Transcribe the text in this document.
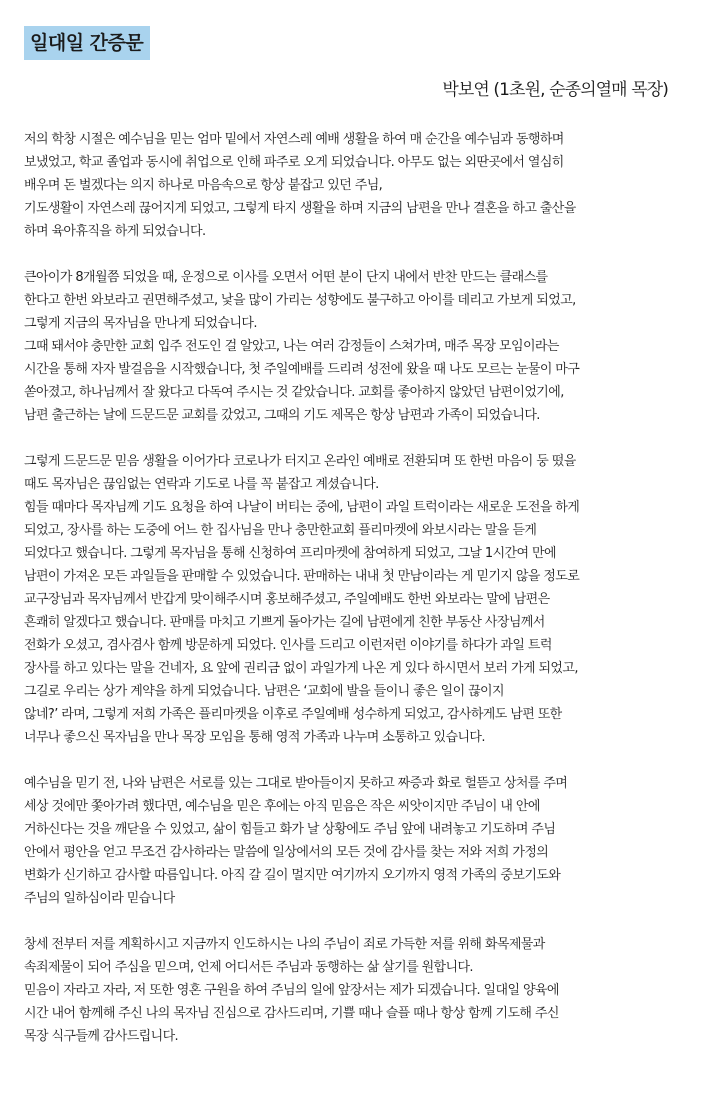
일대일 간증문

박보연 (1초원, 순종의열매 목장)

저의 학창 시절은 예수님을 믿는 엄마 밑에서 자연스레 예배 생활을 하여 매 순간을 예수님과 동행하며
보냈었고, 학교 졸업과 동시에 취업으로 인해 파주로 오게 되었습니다. 아무도 없는 외딴곳에서 열심히
배우며 돈 벌겠다는 의지 하나로 마음속으로 항상 붙잡고 있던 주님,
기도생활이 자연스레 끊어지게 되었고, 그렇게 타지 생활을 하며 지금의 남편을 만나 결혼을 하고 출산을
하며 육아휴직을 하게 되었습니다.
큰아이가 8개월쯤 되었을 때, 운정으로 이사를 오면서 어떤 분이 단지 내에서 반찬 만드는 클래스를
한다고 한번 와보라고 권면해주셨고, 낯을 많이 가리는 성향에도 불구하고 아이를 데리고 가보게 되었고,
그렇게 지금의 목자님을 만나게 되었습니다.
그때 돼서야 충만한 교회 입주 전도인 걸 알았고, 나는 여러 감정들이 스쳐가며, 매주 목장 모임이라는
시간을 통해 자자 발걸음을 시작했습니다, 첫 주일예배를 드리려 성전에 왔을 때 나도 모르는 눈물이 마구
쏟아졌고, 하나님께서 잘 왔다고 다독여 주시는 것 같았습니다. 교회를 좋아하지 않았던 남편이었기에,
남편 출근하는 날에 드문드문 교회를 갔었고, 그때의 기도 제목은 항상 남편과 가족이 되었습니다.
그렇게 드문드문 믿음 생활을 이어가다 코로나가 터지고 온라인 예배로 전환되며 또 한번 마음이 둥 떴을
때도 목자님은 끊임없는 연락과 기도로 나를 꼭 붙잡고 계셨습니다.
힘들 때마다 목자님께 기도 요청을 하여 나날이 버티는 중에, 남편이 과일 트럭이라는 새로운 도전을 하게
되었고, 장사를 하는 도중에 어느 한 집사님을 만나 충만한교회 플리마켓에 와보시라는 말을 듣게
되었다고 했습니다. 그렇게 목자님을 통해 신청하여 프리마켓에 참여하게 되었고, 그날 1시간여 만에
남편이 가져온 모든 과일들을 판매할 수 있었습니다. 판매하는 내내 첫 만남이라는 게 믿기지 않을 정도로
교구장님과 목자님께서 반갑게 맞이해주시며 홍보해주셨고, 주일예배도 한번 와보라는 말에 남편은
흔쾌히 알겠다고 했습니다. 판매를 마치고 기쁘게 돌아가는 길에 남편에게 친한 부동산 사장님께서
전화가 오셨고, 겸사겸사 함께 방문하게 되었다. 인사를 드리고 이런저런 이야기를 하다가 과일 트럭
장사를 하고 있다는 말을 건네자, 요 앞에 권리금 없이 과일가게 나온 게 있다 하시면서 보러 가게 되었고,
그길로 우리는 상가 계약을 하게 되었습니다. 남편은 ‘교회에 발을 들이니 좋은 일이 끊이지
않네?’ 라며, 그렇게 저희 가족은 플리마켓을 이후로 주일예배 성수하게 되었고, 감사하게도 남편 또한
너무나 좋으신 목자님을 만나 목장 모임을 통해 영적 가족과 나누며 소통하고 있습니다.
예수님을 믿기 전, 나와 남편은 서로를 있는 그대로 받아들이지 못하고 짜증과 화로 헐뜯고 상처를 주며
세상 것에만 쫓아가려 했다면, 예수님을 믿은 후에는 아직 믿음은 작은 씨앗이지만 주님이 내 안에
거하신다는 것을 깨닫을 수 있었고, 삶이 힘들고 화가 날 상황에도 주님 앞에 내려놓고 기도하며 주님
안에서 평안을 얻고 무조건 감사하라는 말씀에 일상에서의 모든 것에 감사를 찾는 저와 저희 가정의
변화가 신기하고 감사할 따름입니다. 아직 갈 길이 멀지만 여기까지 오기까지 영적 가족의 중보기도와
주님의 일하심이라 믿습니다
창세 전부터 저를 계획하시고 지금까지 인도하시는 나의 주님이 죄로 가득한 저를 위해 화목제물과
속죄제물이 되어 주심을 믿으며, 언제 어디서든 주님과 동행하는 삶 살기를 원합니다.
믿음이 자라고 자라, 저 또한 영혼 구원을 하여 주님의 일에 앞장서는 제가 되겠습니다. 일대일 양육에
시간 내어 함께해 주신 나의 목자님 진심으로 감사드리며, 기쁠 때나 슬플 때나 항상 함께 기도해 주신
목장 식구들께 감사드립니다.
